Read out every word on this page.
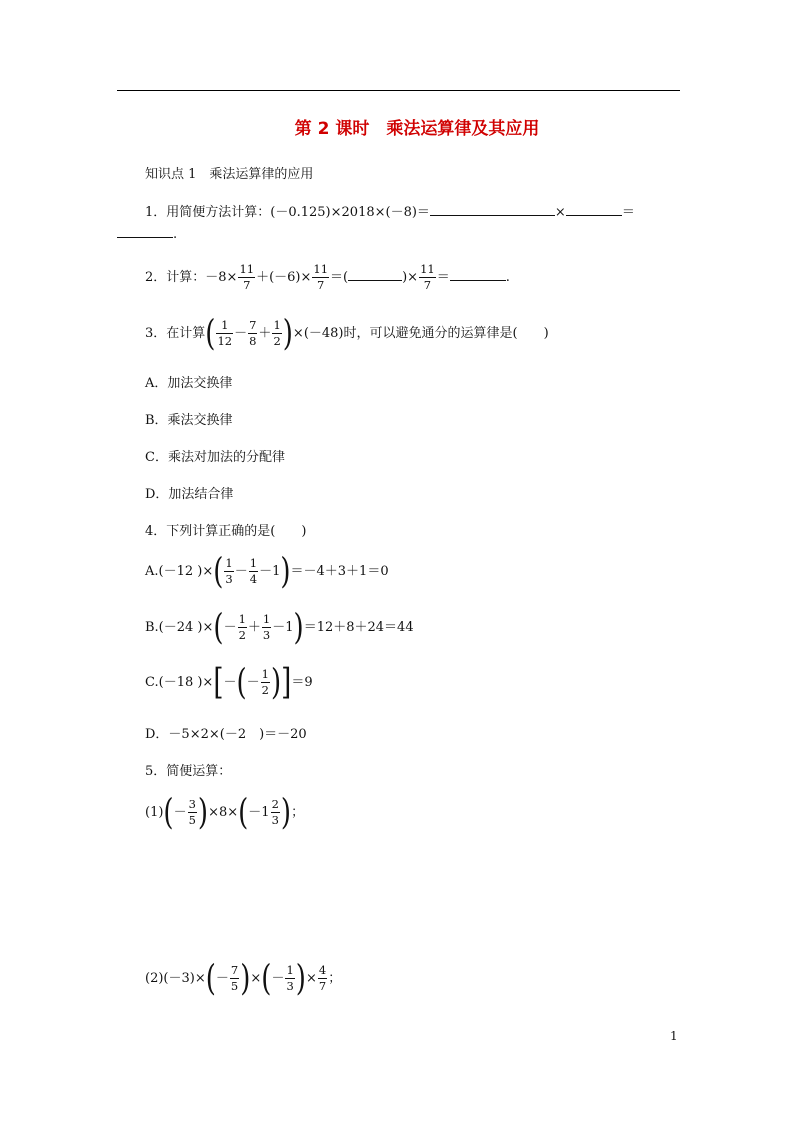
第 2 课时　乘法运算律及其应用
知识点 1　乘法运算律的应用
1．用简便方法计算：(－0.125)×2018×(－8)＝	×	＝
.
2．计算：$-8\times \frac{11}{7} +(-6)\times \frac{11}{7}$ ＝(	)× $\frac{11}{7}$ ＝	.
3．在计算( $\frac{1}{12} - \frac{7}{8} + \frac{1}{2} )\times(-48)$时，可以避免通分的运算律是(　　)
A．加法交换律
B．乘法交换律
C．乘法对加法的分配律
D．加法结合律
4．下列计算正确的是(　　)
A.(－12 )×( $\frac{1}{3} - \frac{1}{4} -1)=-4+3+1=0$
B.(－24 )×(－ $\frac{1}{2} + \frac{1}{3} -1)=12+8+24=44$
C.(－18 )×[－(－ $\frac{1}{2} )]=9$
D．－5×2×(－2　)＝－20
5．简便运算：
$(1)(- \frac{3}{5} )\times 8\times(-1 \frac{2}{3}$ )；
$(2)(-3)\times(- \frac{7}{5}$ )×(－ $\frac{1}{3}$ )× $\frac{4}{7}$ ；
1
